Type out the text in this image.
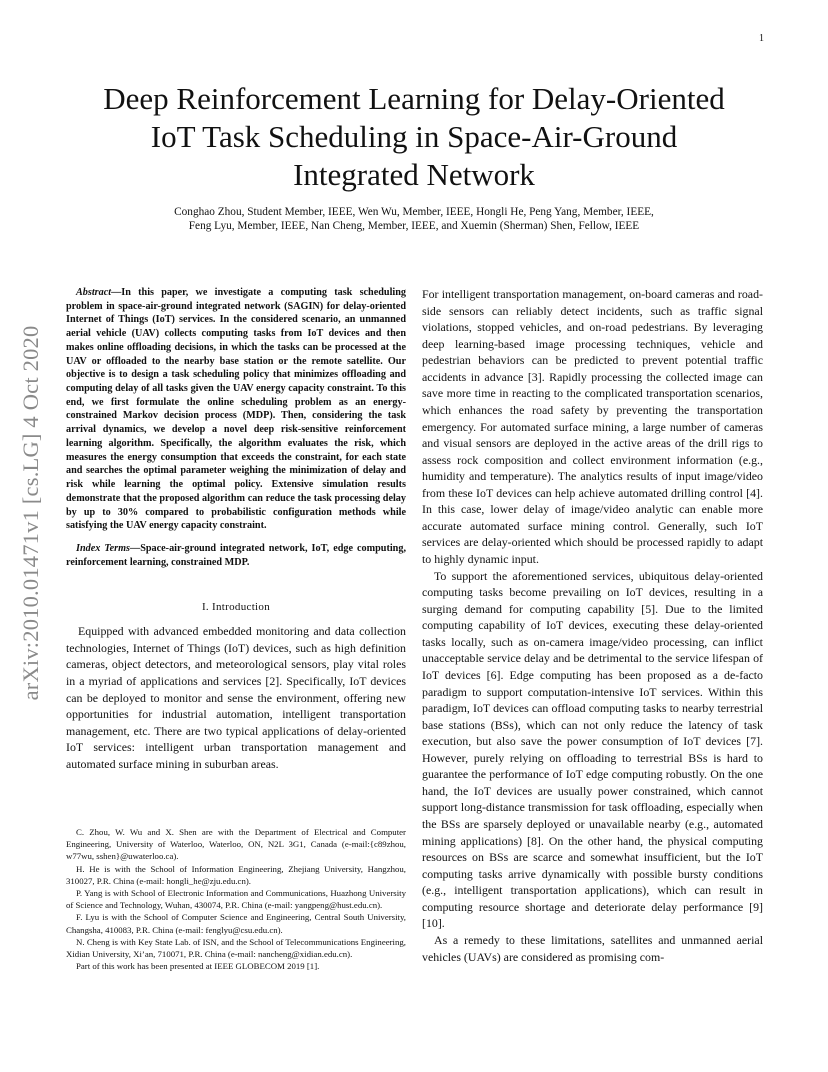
1
arXiv:2010.01471v1 [cs.LG] 4 Oct 2020
Deep Reinforcement Learning for Delay-Oriented
IoT Task Scheduling in Space-Air-Ground
Integrated Network
Conghao Zhou, Student Member, IEEE, Wen Wu, Member, IEEE, Hongli He, Peng Yang, Member, IEEE,
Feng Lyu, Member, IEEE, Nan Cheng, Member, IEEE, and Xuemin (Sherman) Shen, Fellow, IEEE

Abstract—In this paper, we investigate a computing task scheduling problem in space-air-ground integrated network (SAGIN) for delay-oriented Internet of Things (IoT) services. In the considered scenario, an unmanned aerial vehicle (UAV) collects computing tasks from IoT devices and then makes online offloading decisions, in which the tasks can be processed at the UAV or offloaded to the nearby base station or the remote satellite. Our objective is to design a task scheduling policy that minimizes offloading and computing delay of all tasks given the UAV energy capacity constraint. To this end, we first formulate the online scheduling problem as an energy-constrained Markov decision process (MDP). Then, considering the task arrival dynamics, we develop a novel deep risk-sensitive reinforcement learning algorithm. Specifically, the algorithm evaluates the risk, which measures the energy consumption that exceeds the constraint, for each state and searches the optimal parameter weighing the minimization of delay and risk while learning the optimal policy. Extensive simulation results demonstrate that the proposed algorithm can reduce the task processing delay by up to 30% compared to probabilistic configuration methods while satisfying the UAV energy capacity constraint.

Index Terms—Space-air-ground integrated network, IoT, edge computing, reinforcement learning, constrained MDP.

I. Introduction

Equipped with advanced embedded monitoring and data collection technologies, Internet of Things (IoT) devices, such as high definition cameras, object detectors, and meteorological sensors, play vital roles in a myriad of applications and services [2]. Specifically, IoT devices can be deployed to monitor and sense the environment, offering new opportunities for industrial automation, intelligent transportation management, etc. There are two typical applications of delay-oriented IoT services: intelligent urban transportation management and automated surface mining in suburban areas.

C. Zhou, W. Wu and X. Shen are with the Department of Electrical and Computer Engineering, University of Waterloo, Waterloo, ON, N2L 3G1, Canada (e-mail:{c89zhou, w77wu, sshen}@uwaterloo.ca).

H. He is with the School of Information Engineering, Zhejiang University, Hangzhou, 310027, P.R. China (e-mail: hongli_he@zju.edu.cn).

P. Yang is with School of Electronic Information and Communications, Huazhong University of Science and Technology, Wuhan, 430074, P.R. China (e-mail: yangpeng@hust.edu.cn).

F. Lyu is with the School of Computer Science and Engineering, Central South University, Changsha, 410083, P.R. China (e-mail: fenglyu@csu.edu.cn).

N. Cheng is with Key State Lab. of ISN, and the School of Telecommunications Engineering, Xidian University, Xi’an, 710071, P.R. China (e-mail: nancheng@xidian.edu.cn).

Part of this work has been presented at IEEE GLOBECOM 2019 [1].

For intelligent transportation management, on-board cameras and road-side sensors can reliably detect incidents, such as traffic signal violations, stopped vehicles, and on-road pedestrians. By leveraging deep learning-based image processing techniques, vehicle and pedestrian behaviors can be predicted to prevent potential traffic accidents in advance [3]. Rapidly processing the collected image can save more time in reacting to the complicated transportation scenarios, which enhances the road safety by preventing the transportation emergency. For automated surface mining, a large number of cameras and visual sensors are deployed in the active areas of the drill rigs to assess rock composition and collect environment information (e.g., humidity and temperature). The analytics results of input image/video from these IoT devices can help achieve automated drilling control [4]. In this case, lower delay of image/video analytic can enable more accurate automated surface mining control. Generally, such IoT services are delay-oriented which should be processed rapidly to adapt to highly dynamic input.

To support the aforementioned services, ubiquitous delay-oriented computing tasks become prevailing on IoT devices, resulting in a surging demand for computing capability [5]. Due to the limited computing capability of IoT devices, executing these delay-oriented tasks locally, such as on-camera image/video processing, can inflict unacceptable service delay and be detrimental to the service lifespan of IoT devices [6]. Edge computing has been proposed as a de-facto paradigm to support computation-intensive IoT services. Within this paradigm, IoT devices can offload computing tasks to nearby terrestrial base stations (BSs), which can not only reduce the latency of task execution, but also save the power consumption of IoT devices [7]. However, purely relying on offloading to terrestrial BSs is hard to guarantee the performance of IoT edge computing robustly. On the one hand, the IoT devices are usually power constrained, which cannot support long-distance transmission for task offloading, especially when the BSs are sparsely deployed or unavailable nearby (e.g., automated mining applications) [8]. On the other hand, the physical computing resources on BSs are scarce and somewhat insufficient, but the IoT computing tasks arrive dynamically with possible bursty conditions (e.g., intelligent transportation applications), which can result in computing resource shortage and deteriorate delay performance [9] [10].

As a remedy to these limitations, satellites and unmanned aerial vehicles (UAVs) are considered as promising com-
